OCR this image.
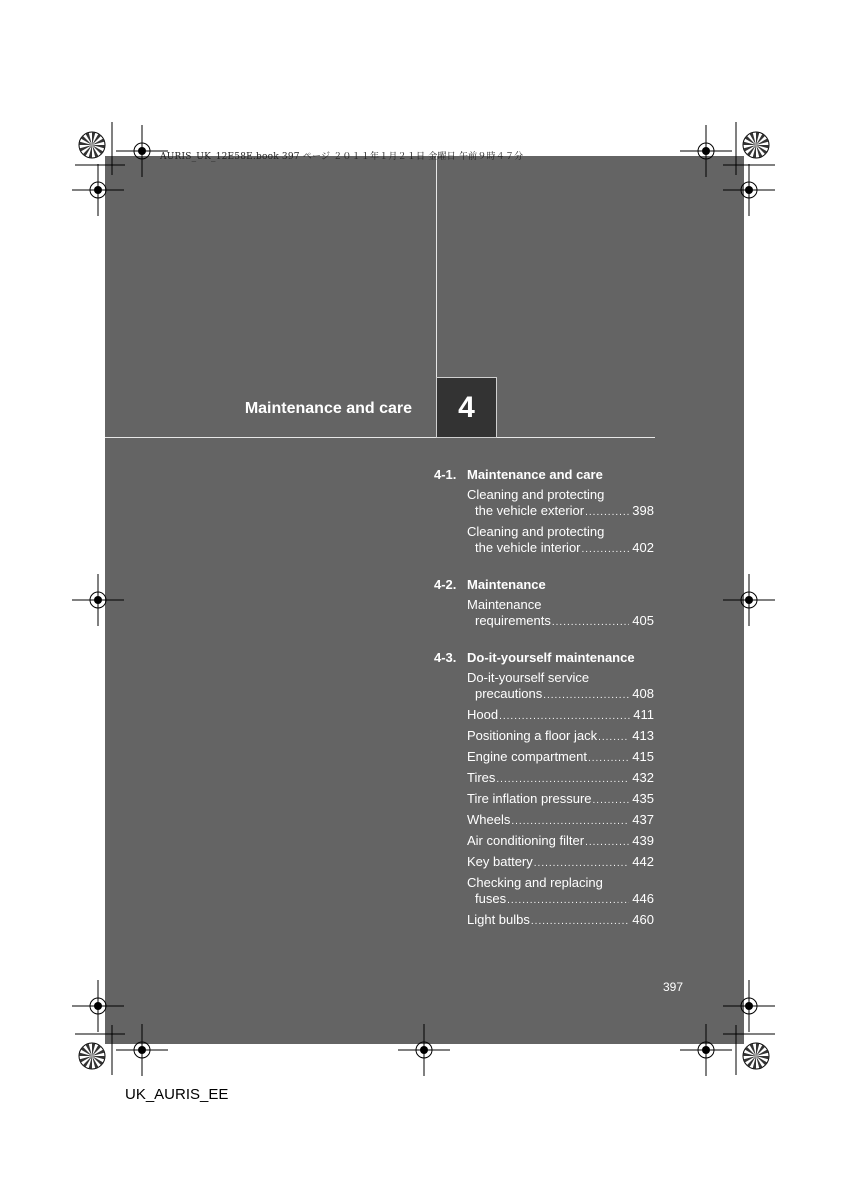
AURIS_UK_12E58E.book 397 ページ ２０１１年１月２１日 金曜日 午前９時４７分
Maintenance and care	4
4-1. Maintenance and care
Cleaning and protecting
the vehicle exterior .....	398
Cleaning and protecting
the vehicle interior .....	402
4-2. Maintenance
Maintenance
requirements .....	405
4-3. Do-it-yourself maintenance
Do-it-yourself service
precautions .....	408
Hood .....	411
Positioning a floor jack .....	413
Engine compartment .....	415
Tires .....	432
Tire inflation pressure .....	435
Wheels .....	437
Air conditioning filter .....	439
Key battery .....	442
Checking and replacing
fuses .....	446
Light bulbs .....	460
397
UK_AURIS_EE
